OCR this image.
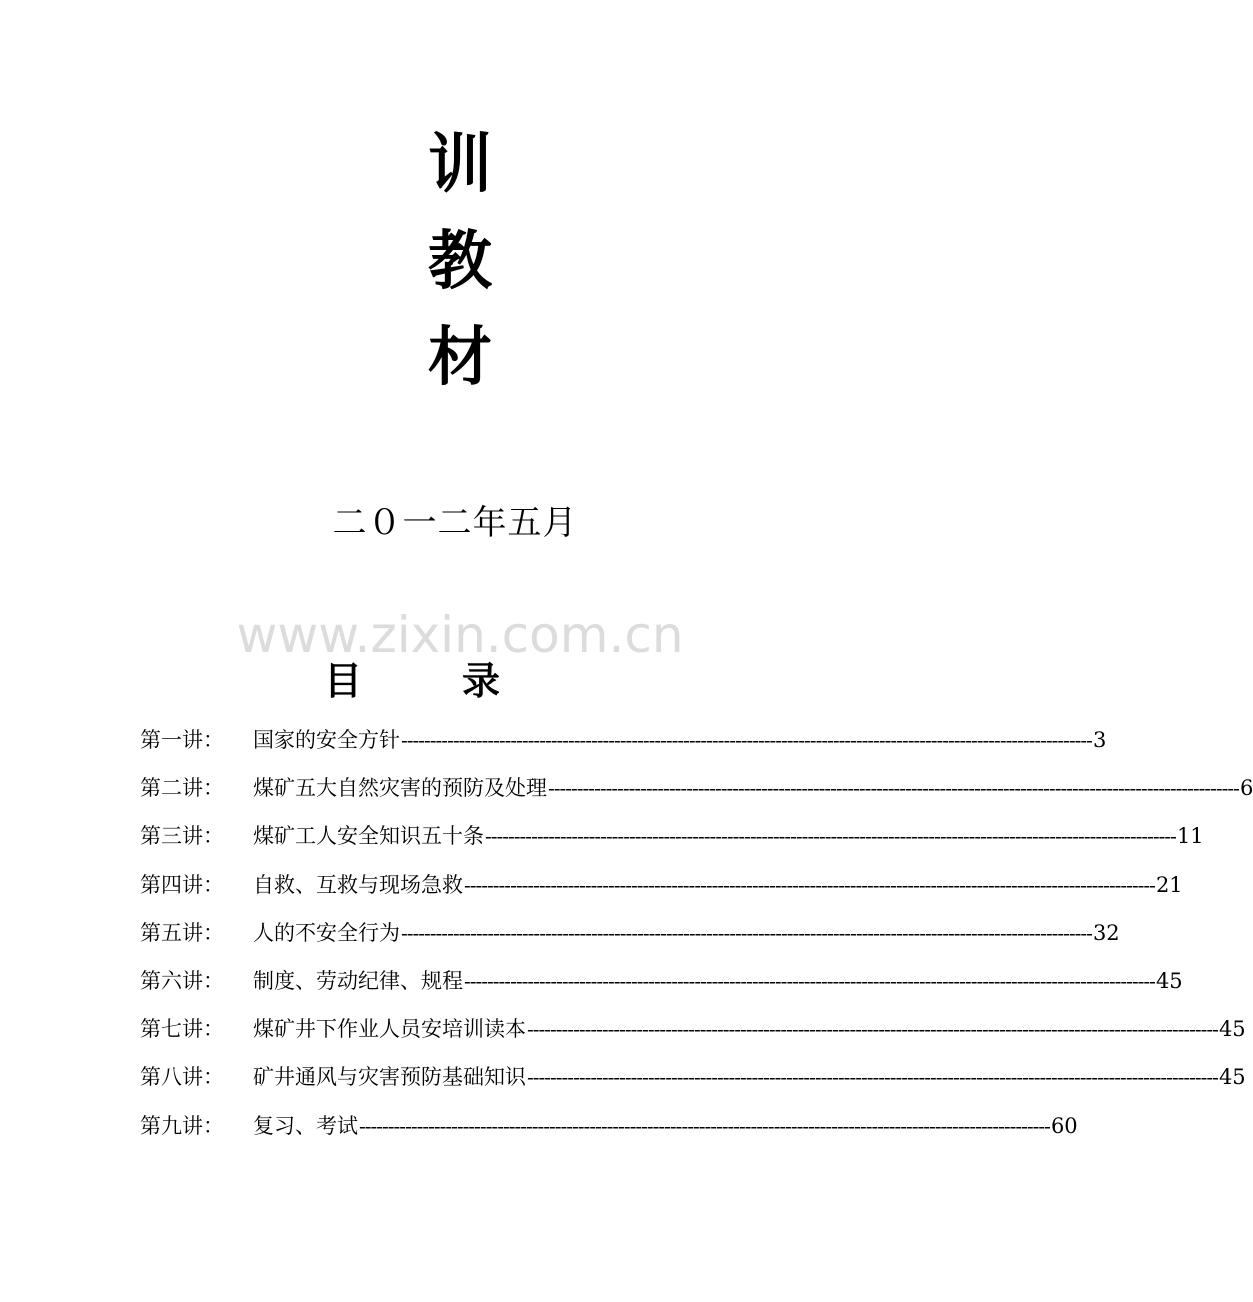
训
教
材
二０一二年五月
www.zixin.com.cn
目	录
第一讲：	国家的安全方针 ------------------------------------------------------------------------------------------------------------------------ 3
第二讲：	煤矿五大自然灾害的预防及处理 ------------------------------------------------------------------------------------------------------------------------ 6
第三讲：	煤矿工人安全知识五十条 ------------------------------------------------------------------------------------------------------------------------ 11
第四讲：	自救、互救与现场急救 ------------------------------------------------------------------------------------------------------------------------ 21
第五讲：	人的不安全行为 ------------------------------------------------------------------------------------------------------------------------ 32
第六讲：	制度、劳动纪律、规程 ------------------------------------------------------------------------------------------------------------------------ 45
第七讲：	煤矿井下作业人员安培训读本 ------------------------------------------------------------------------------------------------------------------------ 45
第八讲：	矿井通风与灾害预防基础知识 ------------------------------------------------------------------------------------------------------------------------ 45
第九讲：	复习、考试 ------------------------------------------------------------------------------------------------------------------------ 60
